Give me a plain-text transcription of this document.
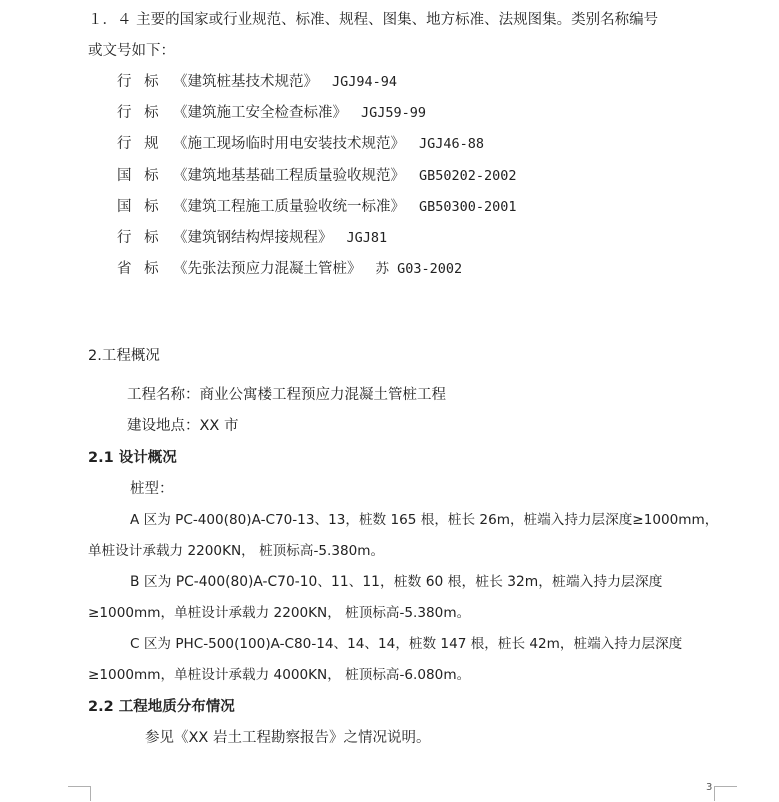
１．４ 主要的国家或行业规范、标准、规程、图集、地方标准、法规图集。类别名称编号
或文号如下：
行 标 《建筑桩基技术规范》 JGJ94-94
行 标 《建筑施工安全检查标准》 JGJ59-99
行 规 《施工现场临时用电安装技术规范》 JGJ46-88
国 标 《建筑地基基础工程质量验收规范》 GB50202-2002
国 标 《建筑工程施工质量验收统一标准》 GB50300-2001
行 标 《建筑钢结构焊接规程》 JGJ81
省 标 《先张法预应力混凝土管桩》 苏 G03-2002
2.工程概况
工程名称：商业公寓楼工程预应力混凝土管桩工程
建设地点：XX 市
2.1 设计概况
桩型：
A 区为 PC-400(80)A-C70-13、13，桩数 165 根，桩长 26m，桩端入持力层深度≥1000mm，
单桩设计承载力 2200KN， 桩顶标高-5.380m。
B 区为 PC-400(80)A-C70-10、11、11，桩数 60 根，桩长 32m，桩端入持力层深度
≥1000mm，单桩设计承载力 2200KN， 桩顶标高-5.380m。
C 区为 PHC-500(100)A-C80-14、14、14，桩数 147 根，桩长 42m，桩端入持力层深度
≥1000mm，单桩设计承载力 4000KN， 桩顶标高-6.080m。
2.2 工程地质分布情况
参见《XX 岩土工程勘察报告》之情况说明。
3
